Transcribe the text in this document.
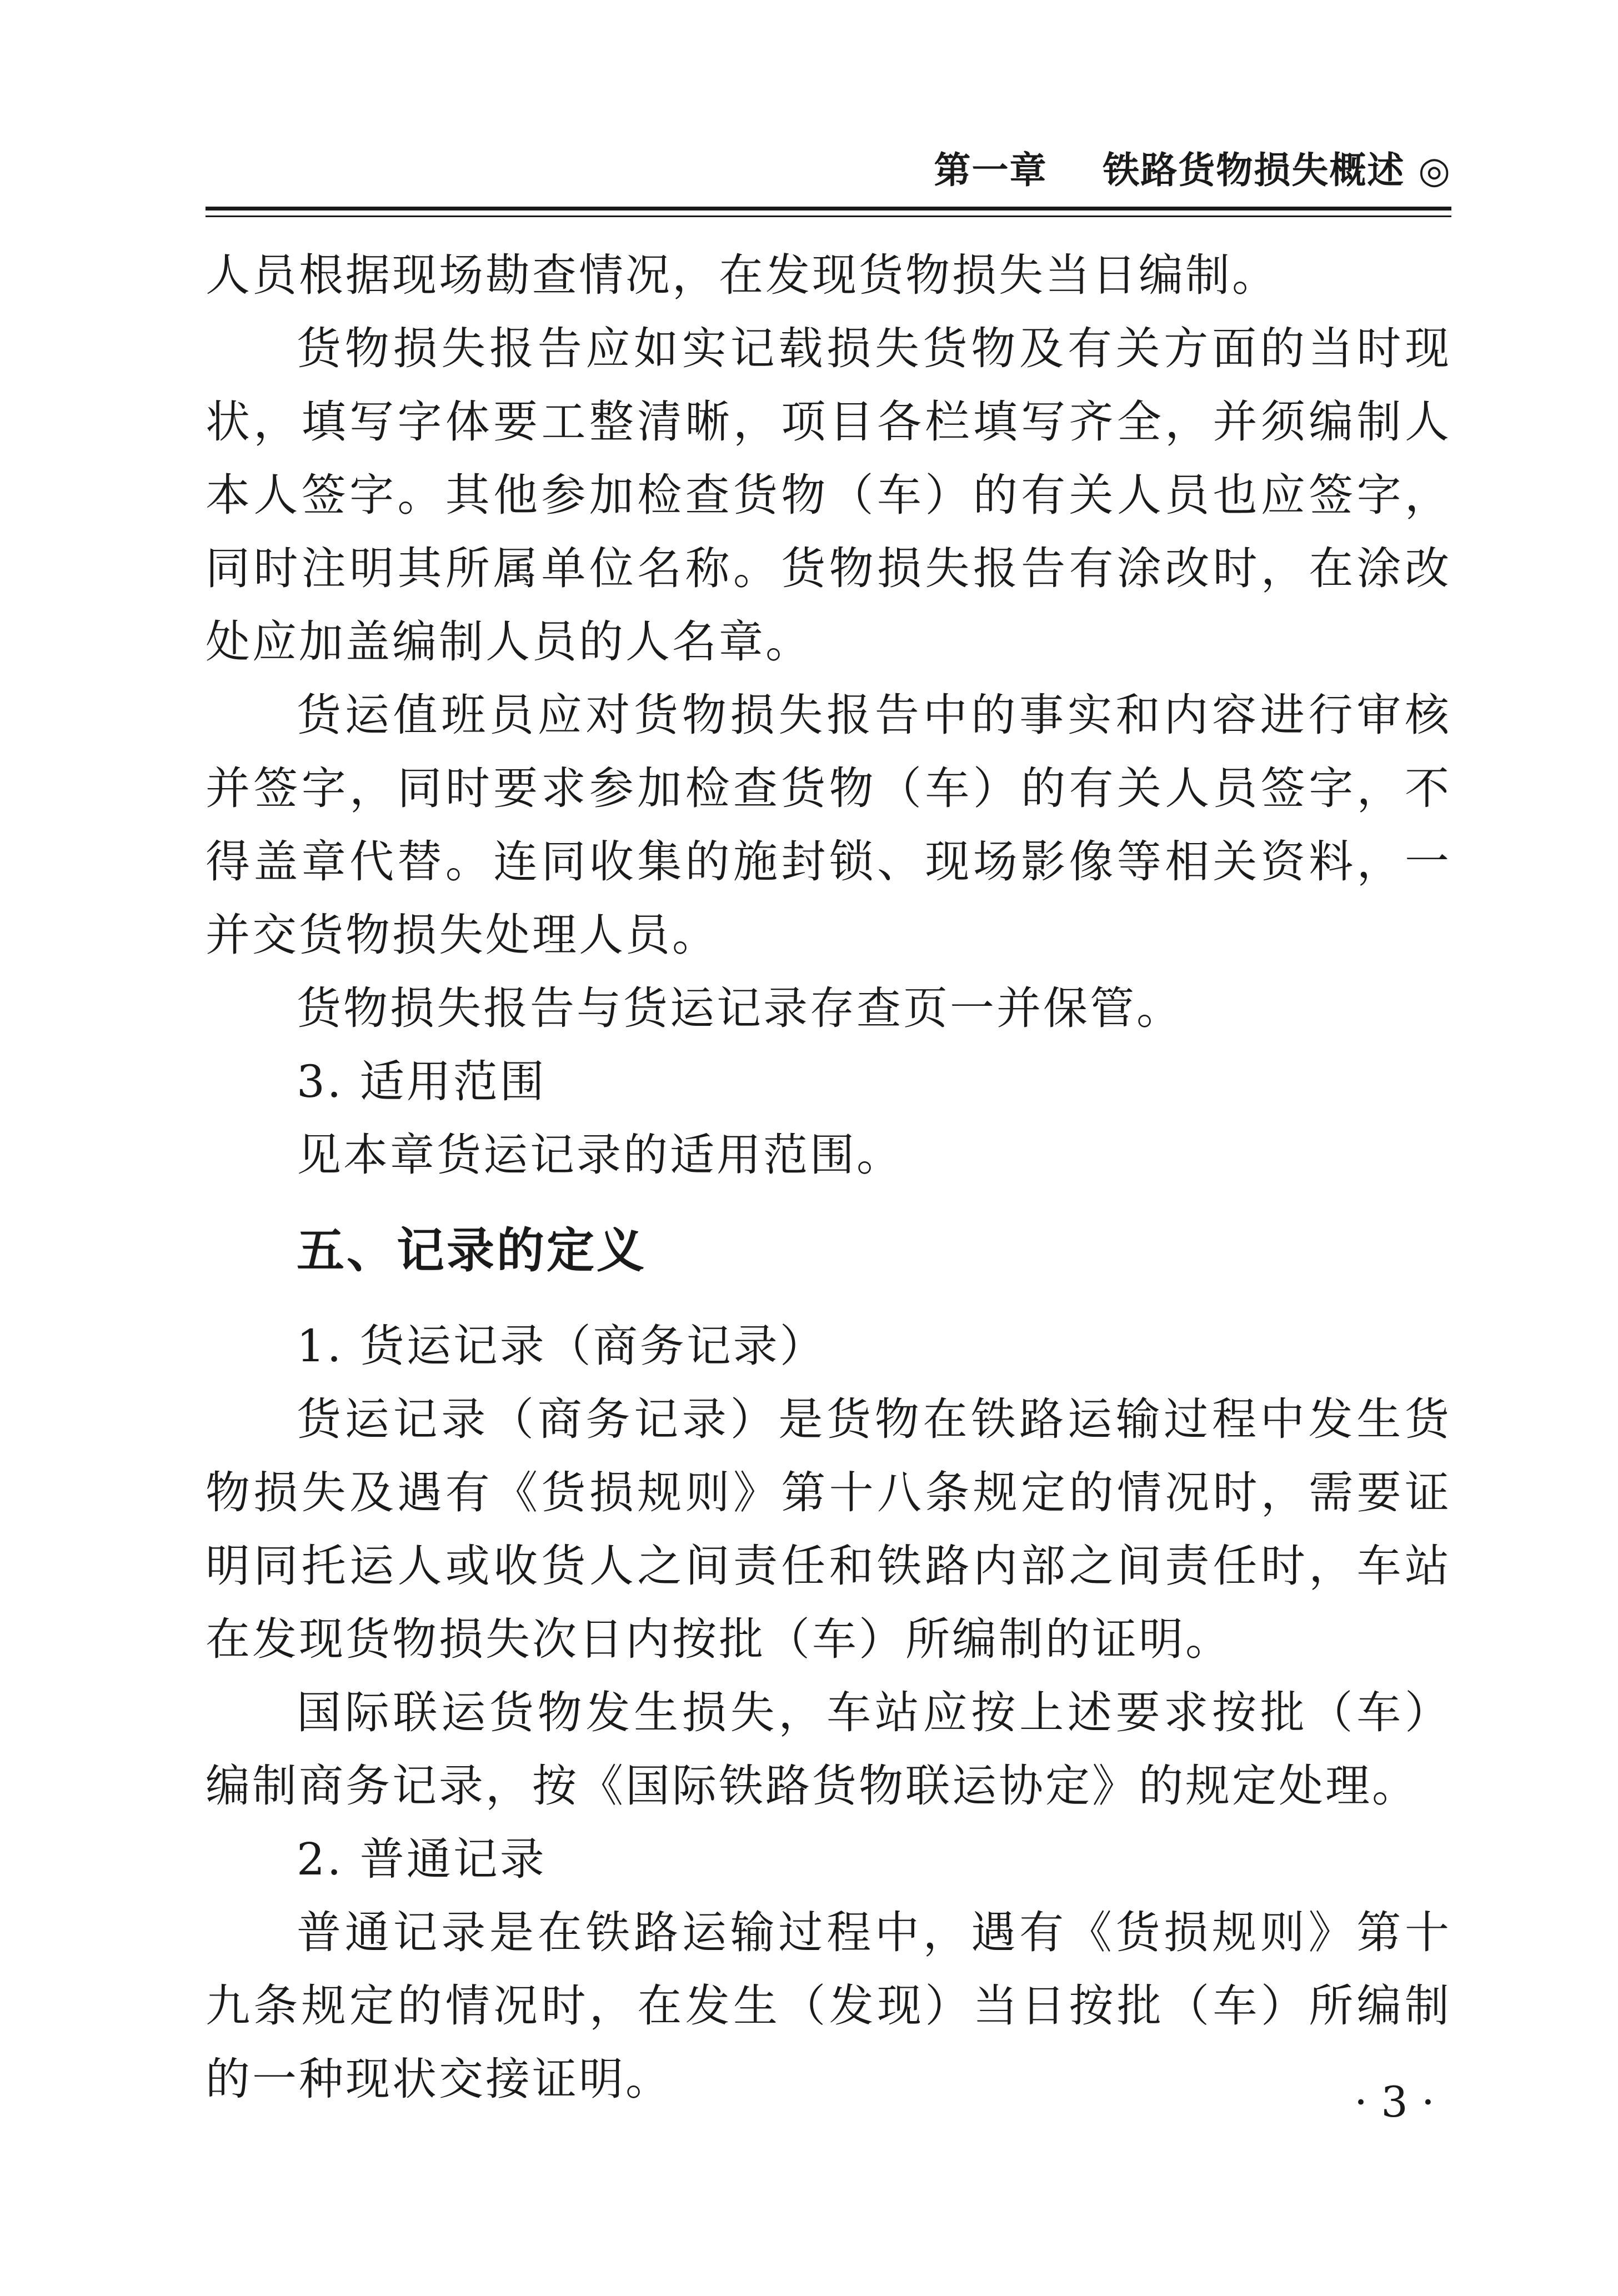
第一章 铁路货物损失概述 ◎

人员根据现场勘查情况，在发现货物损失当日编制。

货物损失报告应如实记载损失货物及有关方面的当时现状，填写字体要工整清晰，项目各栏填写齐全，并须编制人本人签字。其他参加检查货物（车）的有关人员也应签字，同时注明其所属单位名称。货物损失报告有涂改时，在涂改处应加盖编制人员的人名章。

货运值班员应对货物损失报告中的事实和内容进行审核并签字，同时要求参加检查货物（车）的有关人员签字，不得盖章代替。连同收集的施封锁、现场影像等相关资料，一并交货物损失处理人员。

货物损失报告与货运记录存查页一并保管。

3. 适用范围

见本章货运记录的适用范围。

五、记录的定义

1. 货运记录（商务记录）

货运记录（商务记录）是货物在铁路运输过程中发生货物损失及遇有《货损规则》第十八条规定的情况时，需要证明同托运人或收货人之间责任和铁路内部之间责任时，车站在发现货物损失次日内按批（车）所编制的证明。

国际联运货物发生损失，车站应按上述要求按批（车）编制商务记录，按《国际铁路货物联运协定》的规定处理。

2. 普通记录

普通记录是在铁路运输过程中，遇有《货损规则》第十九条规定的情况时，在发生（发现）当日按批（车）所编制的一种现状交接证明。	· 3 ·
